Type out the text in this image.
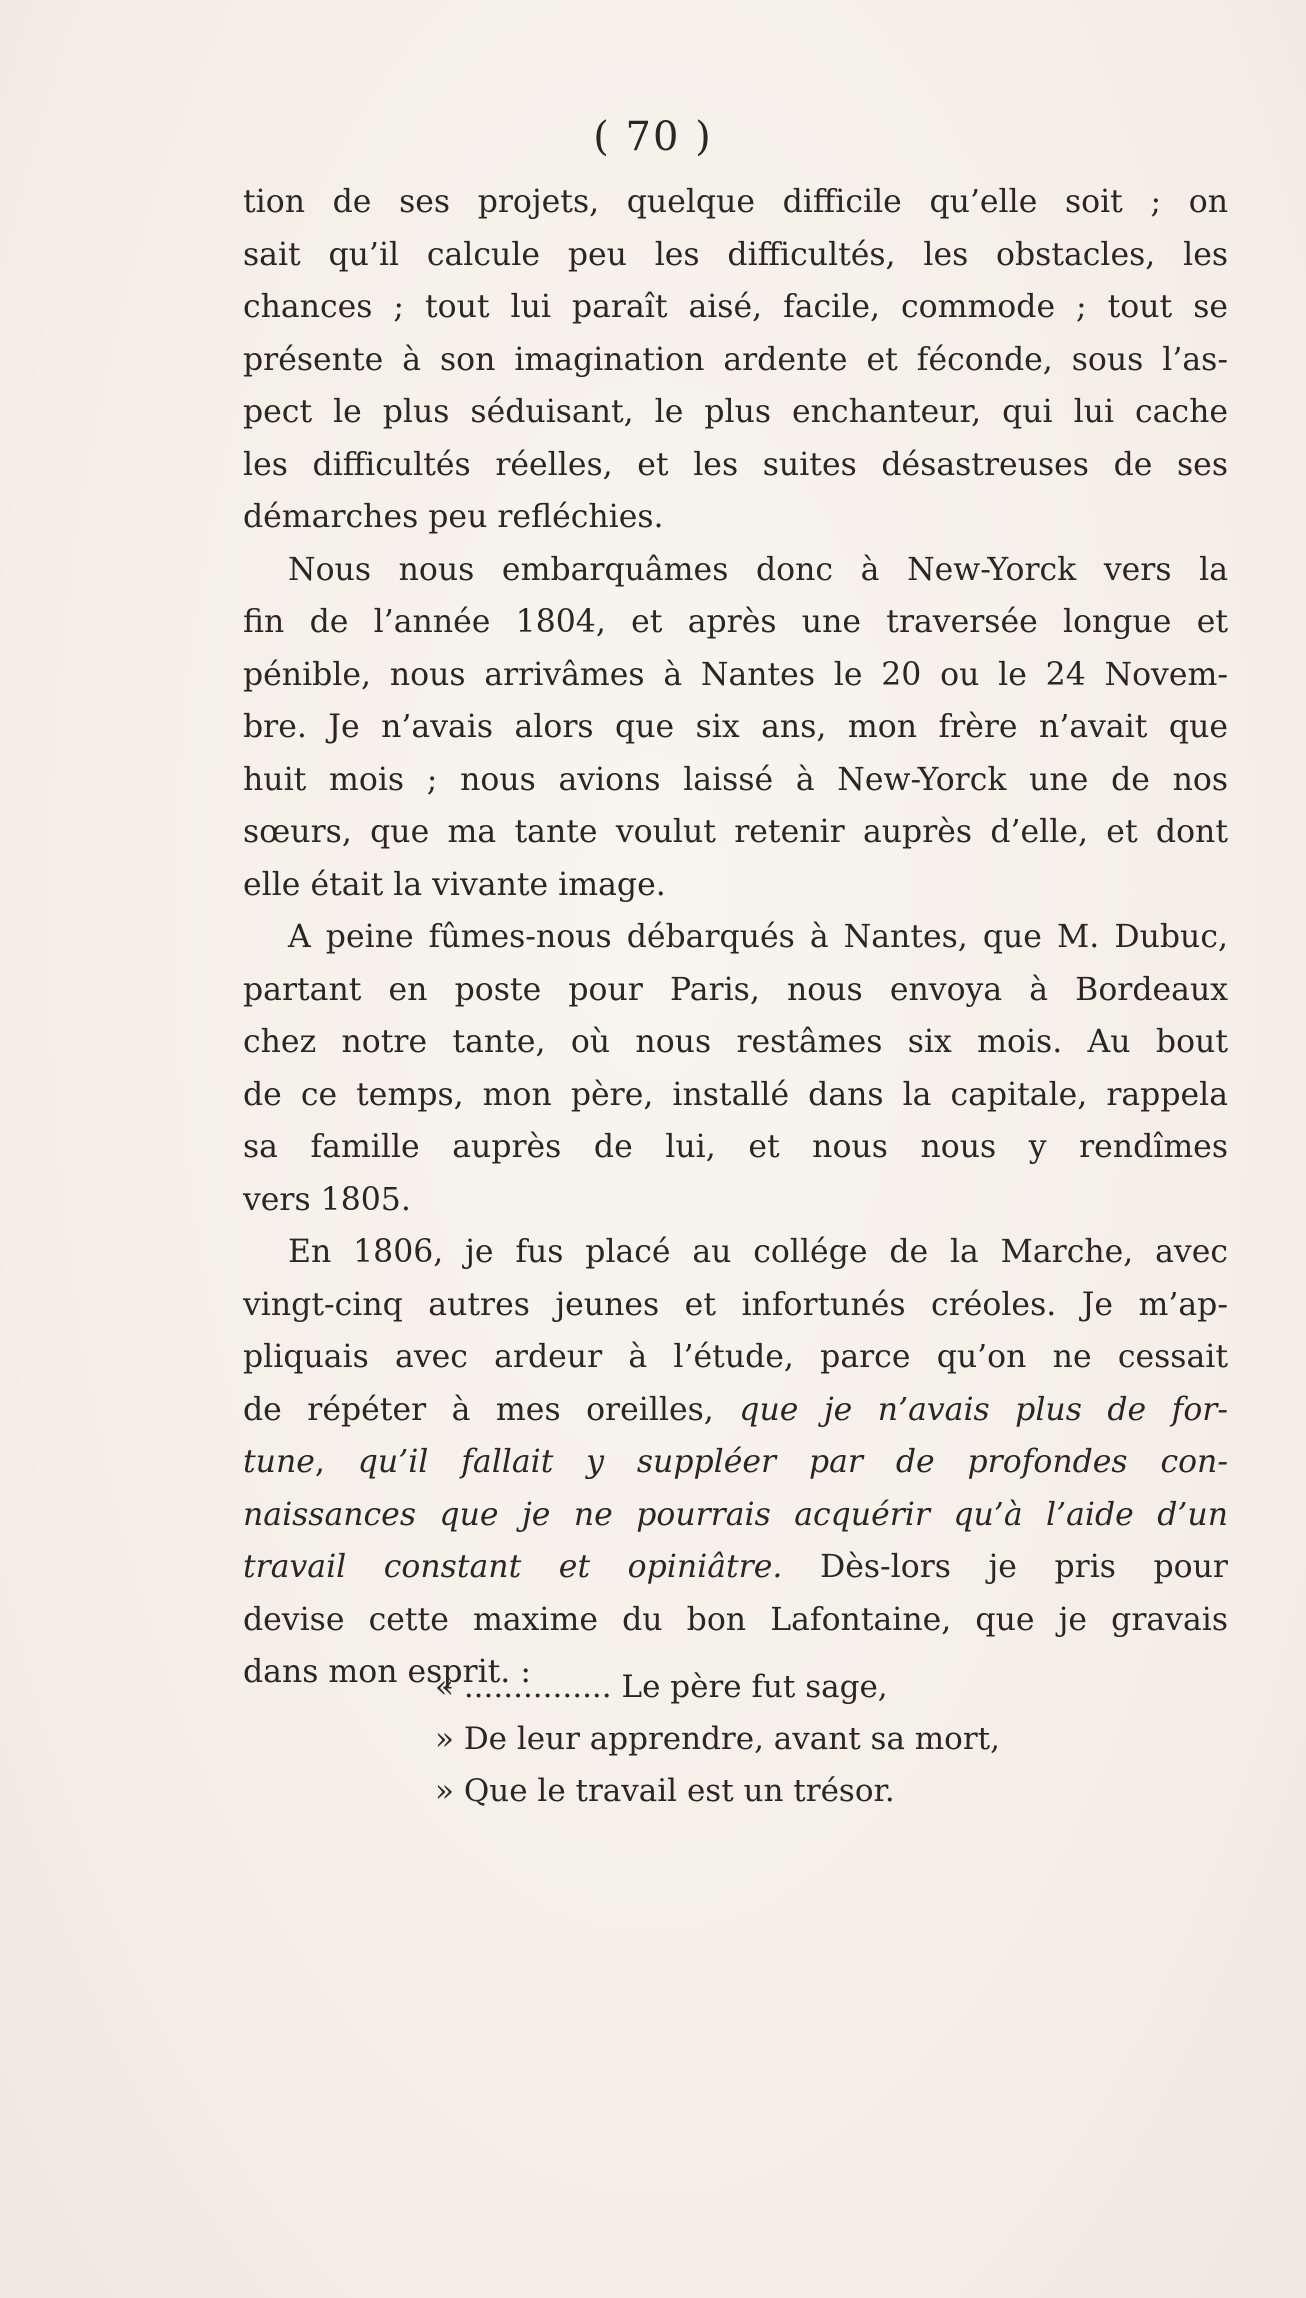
( 70 )
tion de ses projets, quelque difficile qu’elle soit ; on
sait qu’il calcule peu les difficultés, les obstacles, les
chances ; tout lui paraît aisé, facile, commode ; tout se
présente à son imagination ardente et féconde, sous l’as-
pect le plus séduisant, le plus enchanteur, qui lui cache
les difficultés réelles, et les suites désastreuses de ses
démarches peu refléchies.
Nous nous embarquâmes donc à New-Yorck vers la
fin de l’année 1804, et après une traversée longue et
pénible, nous arrivâmes à Nantes le 20 ou le 24 Novem-
bre. Je n’avais alors que six ans, mon frère n’avait que
huit mois ; nous avions laissé à New-Yorck une de nos
sœurs, que ma tante voulut retenir auprès d’elle, et dont
elle était la vivante image.
A peine fûmes-nous débarqués à Nantes, que M. Dubuc,
partant en poste pour Paris, nous envoya à Bordeaux
chez notre tante, où nous restâmes six mois. Au bout
de ce temps, mon père, installé dans la capitale, rappela
sa famille auprès de lui, et nous nous y rendîmes
vers 1805.
En 1806, je fus placé au collége de la Marche, avec
vingt-cinq autres jeunes et infortunés créoles. Je m’ap-
pliquais avec ardeur à l’étude, parce qu’on ne cessait
de répéter à mes oreilles, que je n’avais plus de for-
tune, qu’il fallait y suppléer par de profondes con-
naissances que je ne pourrais acquérir qu’à l’aide d’un
travail constant et opiniâtre. Dès-lors je pris pour
devise cette maxime du bon Lafontaine, que je gravais
dans mon esprit. :
« ............... Le père fut sage,
» De leur apprendre, avant sa mort,
» Que le travail est un trésor.
